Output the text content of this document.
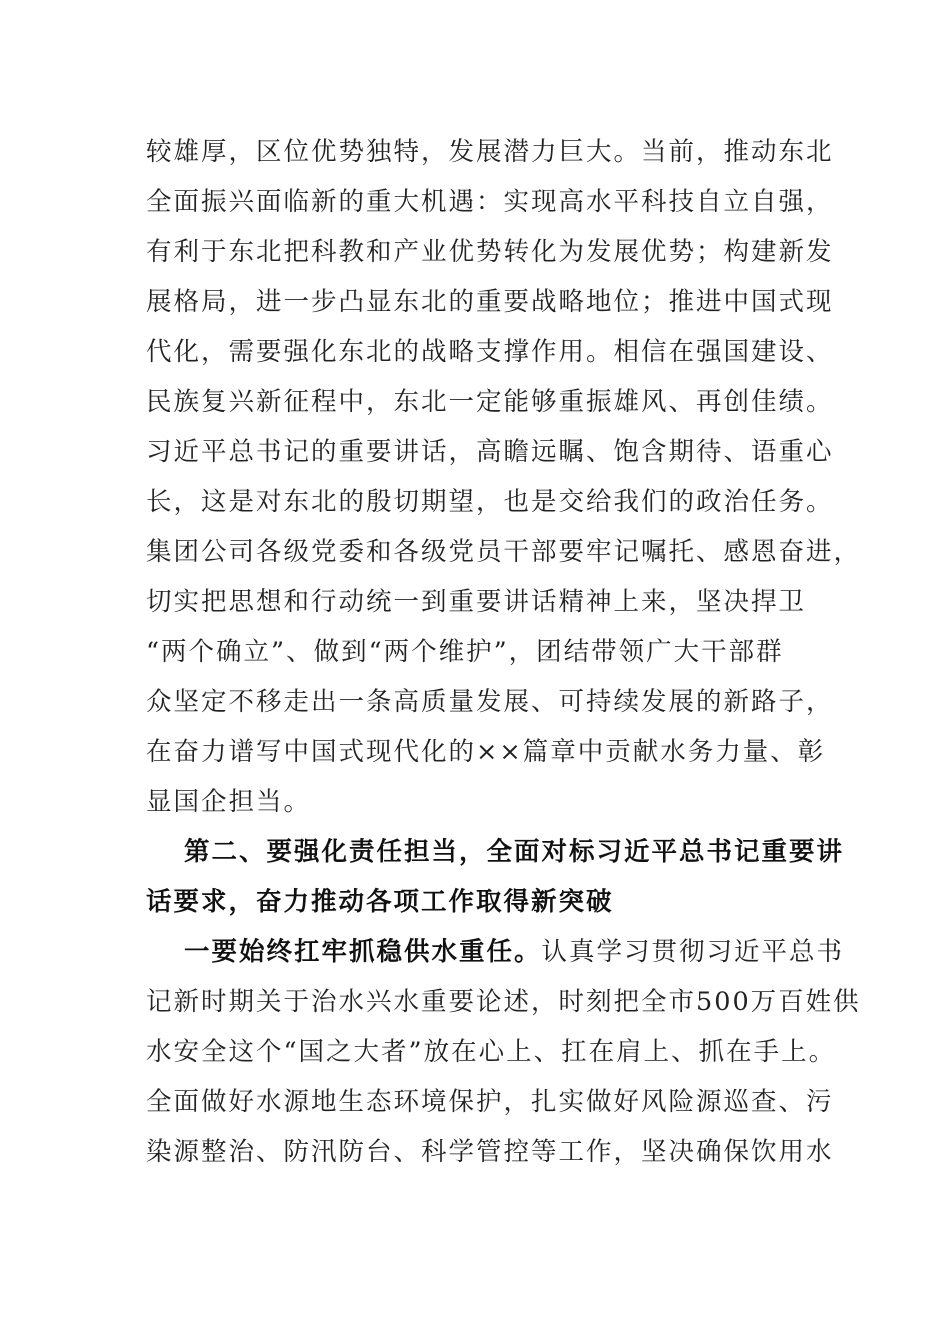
较雄厚，区位优势独特，发展潜力巨大。当前，推动东北
全面振兴面临新的重大机遇：实现高水平科技自立自强，
有利于东北把科教和产业优势转化为发展优势；构建新发
展格局，进一步凸显东北的重要战略地位；推进中国式现
代化，需要强化东北的战略支撑作用。相信在强国建设、
民族复兴新征程中，东北一定能够重振雄风、再创佳绩。
习近平总书记的重要讲话，高瞻远瞩、饱含期待、语重心
长，这是对东北的殷切期望，也是交给我们的政治任务。
集团公司各级党委和各级党员干部要牢记嘱托、感恩奋进，
切实把思想和行动统一到重要讲话精神上来，坚决捍卫
“两个确立”、做到“两个维护”，团结带领广大干部群
众坚定不移走出一条高质量发展、可持续发展的新路子，
在奋力谱写中国式现代化的××篇章中贡献水务力量、彰
显国企担当。
第二、要强化责任担当，全面对标习近平总书记重要讲
话要求，奋力推动各项工作取得新突破
一要始终扛牢抓稳供水重任。认真学习贯彻习近平总书
记新时期关于治水兴水重要论述，时刻把全市500万百姓供
水安全这个“国之大者”放在心上、扛在肩上、抓在手上。
全面做好水源地生态环境保护，扎实做好风险源巡查、污
染源整治、防汛防台、科学管控等工作，坚决确保饮用水
